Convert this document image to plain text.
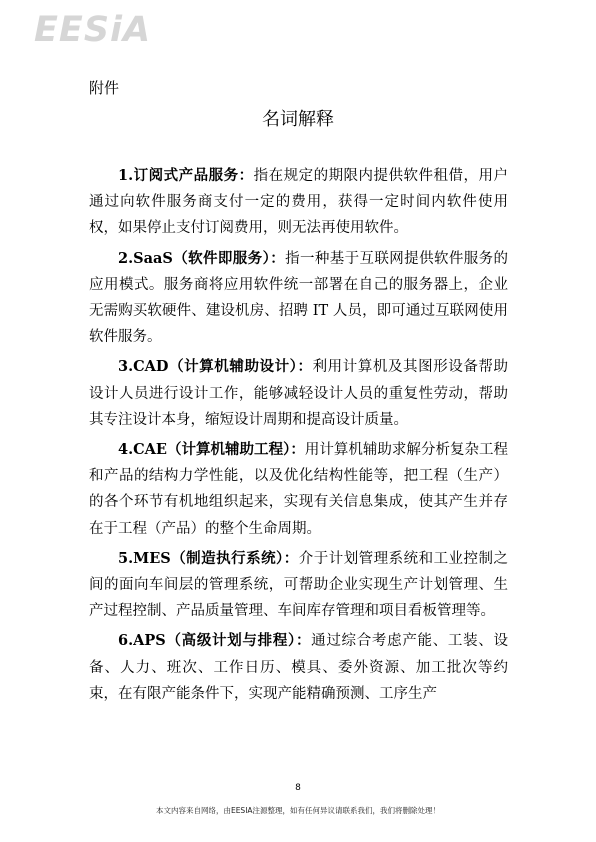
EESiA
附件
名词解释

1.订阅式产品服务：指在规定的期限内提供软件租借，用户通过向软件服务商支付一定的费用，获得一定时间内软件使用权，如果停止支付订阅费用，则无法再使用软件。

2.SaaS（软件即服务）：指一种基于互联网提供软件服务的应用模式。服务商将应用软件统一部署在自己的服务器上，企业无需购买软硬件、建设机房、招聘 IT 人员，即可通过互联网使用软件服务。

3.CAD（计算机辅助设计）：利用计算机及其图形设备帮助设计人员进行设计工作，能够减轻设计人员的重复性劳动，帮助其专注设计本身，缩短设计周期和提高设计质量。

4.CAE（计算机辅助工程）：用计算机辅助求解分析复杂工程和产品的结构力学性能，以及优化结构性能等，把工程（生产）的各个环节有机地组织起来，实现有关信息集成，使其产生并存在于工程（产品）的整个生命周期。

5.MES（制造执行系统）：介于计划管理系统和工业控制之间的面向车间层的管理系统，可帮助企业实现生产计划管理、生产过程控制、产品质量管理、车间库存管理和项目看板管理等。

6.APS（高级计划与排程）：通过综合考虑产能、工装、设备、人力、班次、工作日历、模具、委外资源、加工批次等约束，在有限产能条件下，实现产能精确预测、工序生产

8
本文内容来自网络，由EESIA注源整理，如有任何异议请联系我们，我们将删除处理！
